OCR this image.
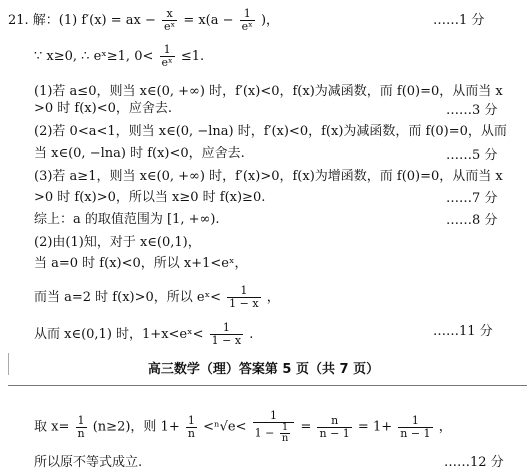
21. 解：(1) f′(x) = ax − $\frac{x}{\text{eˣ}} = x(a - \frac{1}{\text{eˣ}}$ )，	……1 分
∵ x≥0, ∴ eˣ≥1, $0< \frac{1}{\text{eˣ}} \le 1$.
(1)若 a≤0，则当 x∈(0, +∞) 时，f′(x)<0，f(x)为减函数，而 f(0)=0，从而当 x
>0 时 f(x)<0，应舍去.	……3 分
(2)若 0<a<1，则当 x∈(0, −lna) 时，f′(x)<0，f(x)为减函数，而 f(0)=0，从而
当 x∈(0, −lna) 时 f(x)<0，应舍去.	……5 分
(3)若 a≥1，则当 x∈(0, +∞) 时，f′(x)>0，f(x)为增函数，而 f(0)=0，从而当 x
>0 时 f(x)>0，所以当 x≥0 时 f(x)≥0.	……7 分
综上：a 的取值范围为 [1, +∞).	……8 分
(2)由(1)知，对于 x∈(0,1)，
当 a=0 时 f(x)<0，所以 x+1<eˣ，
而当 a=2 时 f(x)>0，所以 eˣ< $\frac{1}{1 - x}$ ，
从而 x∈(0,1) 时，1+x<eˣ< $\frac{1}{1 - x}$ .	……11 分
高三数学（理）答案第 5 页（共 7 页）
取 $x= \frac{1}{n} (n\ge 2)$，则 $1+ \frac{1}{n} <^n√e< \frac{1}{1 - \frac{1}{n}} = \frac{n}{n - 1} = 1+ \frac{1}{n - 1}$ ，
所以原不等式成立.	……12 分
